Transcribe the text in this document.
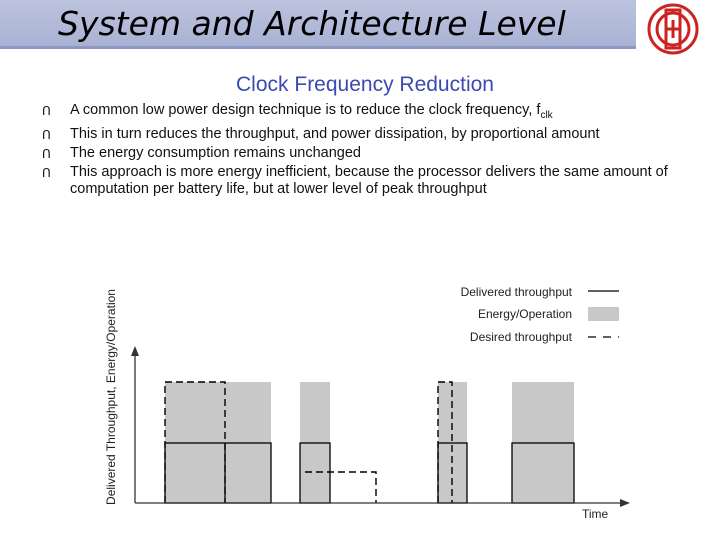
System and Architecture Level
Clock Frequency Reduction
ᑎ A common low power design technique is to reduce the clock frequency, $f_{clk}$
ᑎ This in turn reduces the throughput, and power dissipation, by proportional amount
ᑎ The energy consumption remains unchanged
ᑎ This approach is more energy inefficient, because the processor delivers the same amount of computation per battery life, but at lower level of peak throughput
Delivered Throughput, Energy/Operation
Time
Delivered throughput
Energy/Operation
Desired throughput
